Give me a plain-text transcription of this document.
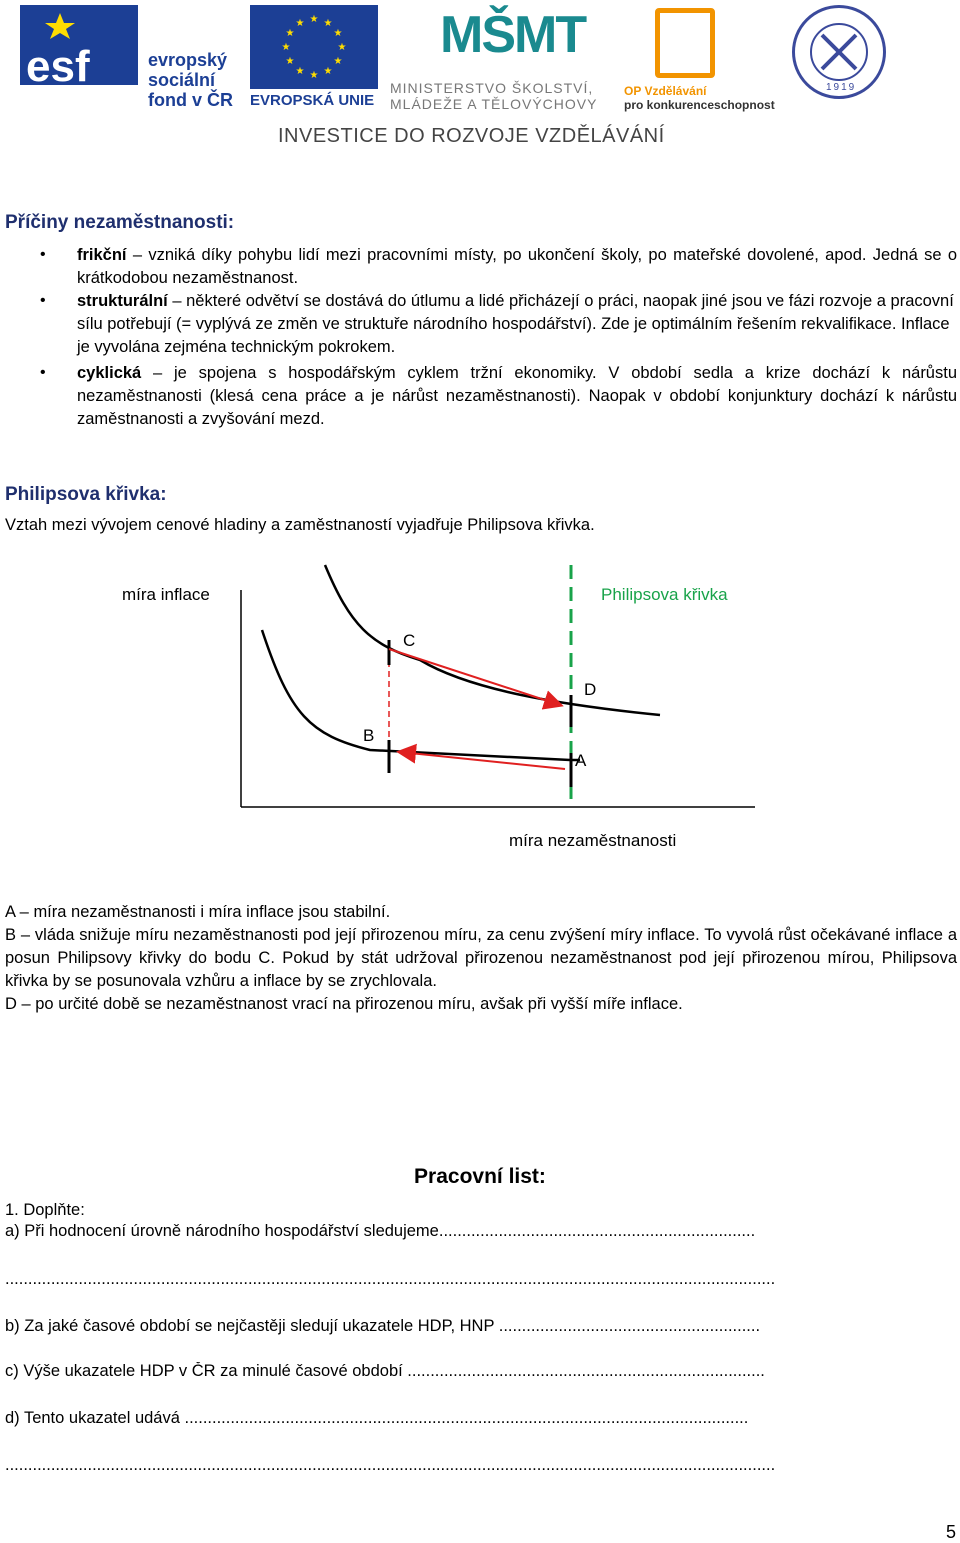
esf	evropský
sociální
fond v ČR
★ ★
★
★
★
★
★
★
★
★
★
★
EVROPSKÁ UNIE
MŠMT
MINISTERSTVO ŠKOLSTVÍ,
MLÁDEŽE A TĚLOVÝCHOVY
OP Vzdělávání
pro konkurenceschopnost
1919
INVESTICE DO ROZVOJE VZDĚLÁVÁNÍ
Příčiny nezaměstnanosti:
• frikční – vzniká díky pohybu lidí mezi pracovními místy, po ukončení školy, po mateřské dovolené, apod. Jedná se o krátkodobou nezaměstnanost.
• strukturální – některé odvětví se dostává do útlumu a lidé přicházejí o práci, naopak jiné jsou ve fázi rozvoje a pracovní sílu potřebují (= vyplývá ze změn ve struktuře národního hospodářství). Zde je optimálním řešením rekvalifikace. Inflace je vyvolána zejména technickým pokrokem.
• cyklická – je spojena s hospodářským cyklem tržní ekonomiky. V období sedla a krize dochází k nárůstu nezaměstnanosti (klesá cena práce a je nárůst nezaměstnanosti). Naopak v období konjunktury dochází k nárůstu zaměstnanosti a zvyšování mezd.
Philipsova křivka:
Vztah mezi vývojem cenové hladiny a zaměstnaností vyjadřuje Philipsova křivka.
míra inflace	Philipsova křivka
C
D
B
A
míra nezaměstnanosti
A – míra nezaměstnanosti i míra inflace jsou stabilní.
B – vláda snižuje míru nezaměstnanosti pod její přirozenou míru, za cenu zvýšení míry inflace. To vyvolá růst očekávané inflace a posun Philipsovy křivky do bodu C. Pokud by stát udržoval přirozenou nezaměstnanost pod její přirozenou mírou, Philipsova křivka by se posunovala vzhůru a inflace by se zrychlovala.
D – po určité době se nezaměstnanost vrací na přirozenou míru, avšak při vyšší míře inflace.
Pracovní list:
1. Doplňte:
a) Při hodnocení úrovně národního hospodářství sledujeme.....................................................................
........................................................................................................................................................................
b) Za jaké časové období se nejčastěji sledují ukazatele HDP, HNP .........................................................
c) Výše ukazatele HDP v ČR za minulé časové období ..............................................................................
d) Tento ukazatel udává ...........................................................................................................................
........................................................................................................................................................................
5
